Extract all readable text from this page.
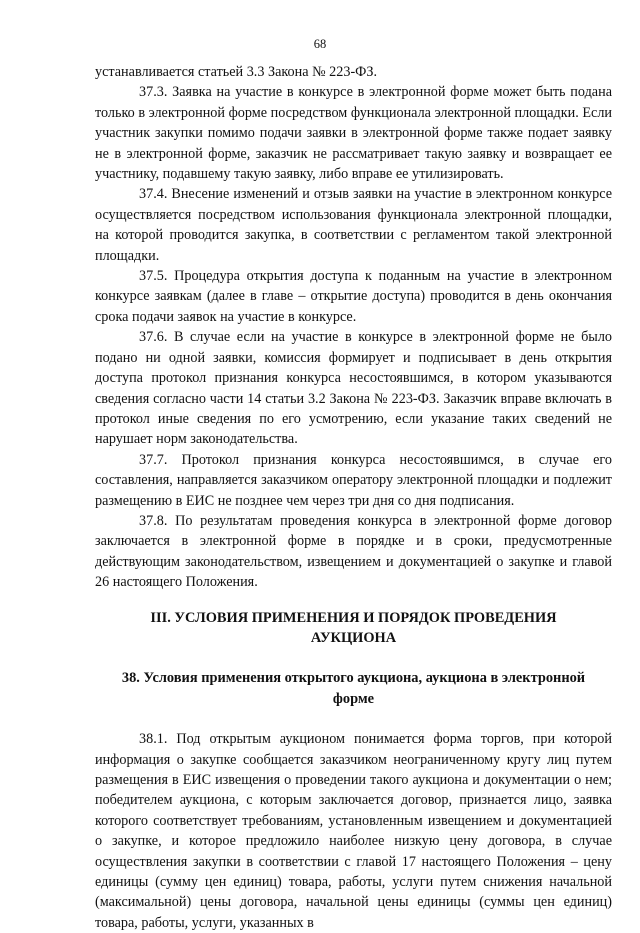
68

устанавливается статьей 3.3 Закона № 223-ФЗ.

37.3. Заявка на участие в конкурсе в электронной форме может быть подана только в электронной форме посредством функционала электронной площадки. Если участник закупки помимо подачи заявки в электронной форме также подает заявку не в электронной форме, заказчик не рассматривает такую заявку и возвращает ее участнику, подавшему такую заявку, либо вправе ее утилизировать.

37.4. Внесение изменений и отзыв заявки на участие в электронном конкурсе осуществляется посредством использования функционала электронной площадки, на которой проводится закупка, в соответствии с регламентом такой электронной площадки.

37.5. Процедура открытия доступа к поданным на участие в электронном конкурсе заявкам (далее в главе – открытие доступа) проводится в день окончания срока подачи заявок на участие в конкурсе.

37.6. В случае если на участие в конкурсе в электронной форме не было подано ни одной заявки, комиссия формирует и подписывает в день открытия доступа протокол признания конкурса несостоявшимся, в котором указываются сведения согласно части 14 статьи 3.2 Закона № 223-ФЗ. Заказчик вправе включать в протокол иные сведения по его усмотрению, если указание таких сведений не нарушает норм законодательства.

37.7. Протокол признания конкурса несостоявшимся, в случае его составления, направляется заказчиком оператору электронной площадки и подлежит размещению в ЕИС не позднее чем через три дня со дня подписания.

37.8. По результатам проведения конкурса в электронной форме договор заключается в электронной форме в порядке и в сроки, предусмотренные действующим законодательством, извещением и документацией о закупке и главой 26 настоящего Положения.

III. УСЛОВИЯ ПРИМЕНЕНИЯ И ПОРЯДОК ПРОВЕДЕНИЯ
АУКЦИОНА
38. Условия применения открытого аукциона, аукциона в электронной
форме

38.1. Под открытым аукционом понимается форма торгов, при которой информация о закупке сообщается заказчиком неограниченному кругу лиц путем размещения в ЕИС извещения о проведении такого аукциона и документации о нем; победителем аукциона, с которым заключается договор, признается лицо, заявка которого соответствует требованиям, установленным извещением и документацией о закупке, и которое предложило наиболее низкую цену договора, в случае осуществления закупки в соответствии с главой 17 настоящего Положения – цену единицы (сумму цен единиц) товара, работы, услуги путем снижения начальной (максимальной) цены договора, начальной цены единицы (суммы цен единиц) товара, работы, услуги, указанных в
